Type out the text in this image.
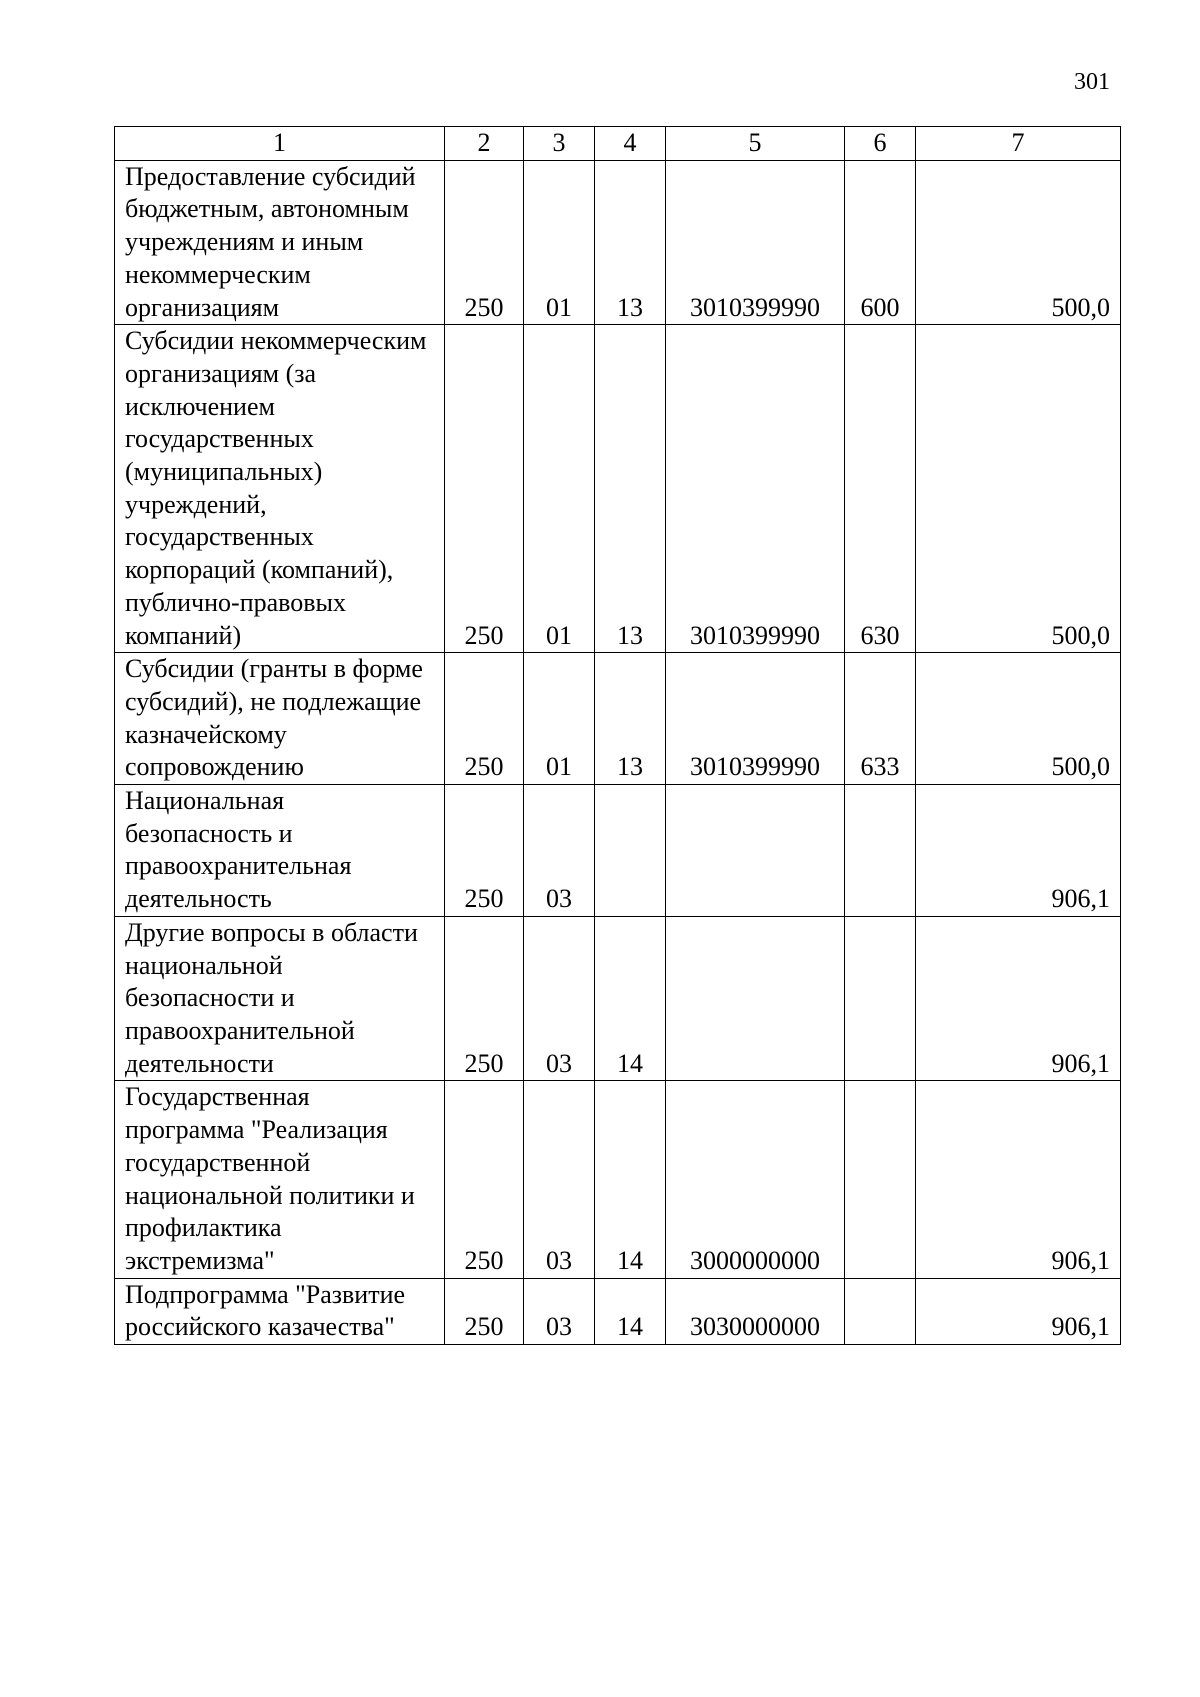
301
1	2	3	4	5	6	7
Предоставление субсидий бюджетным, автономным учреждениям и иным некоммерческим организациям	250	01	13	3010399990	600	500,0
Субсидии некоммерческим организациям (за исключением государственных (муниципальных) учреждений, государственных корпораций (компаний), публично-правовых компаний)	250	01	13	3010399990	630	500,0
Субсидии (гранты в форме субсидий), не подлежащие казначейскому сопровождению	250	01	13	3010399990	633	500,0
Национальная безопасность и правоохранительная деятельность	250	03				906,1
Другие вопросы в области национальной безопасности и правоохранительной деятельности	250	03	14			906,1
Государственная программа "Реализация государственной национальной политики и профилактика экстремизма"	250	03	14	3000000000		906,1
Подпрограмма "Развитие российского казачества"	250	03	14	3030000000		906,1
